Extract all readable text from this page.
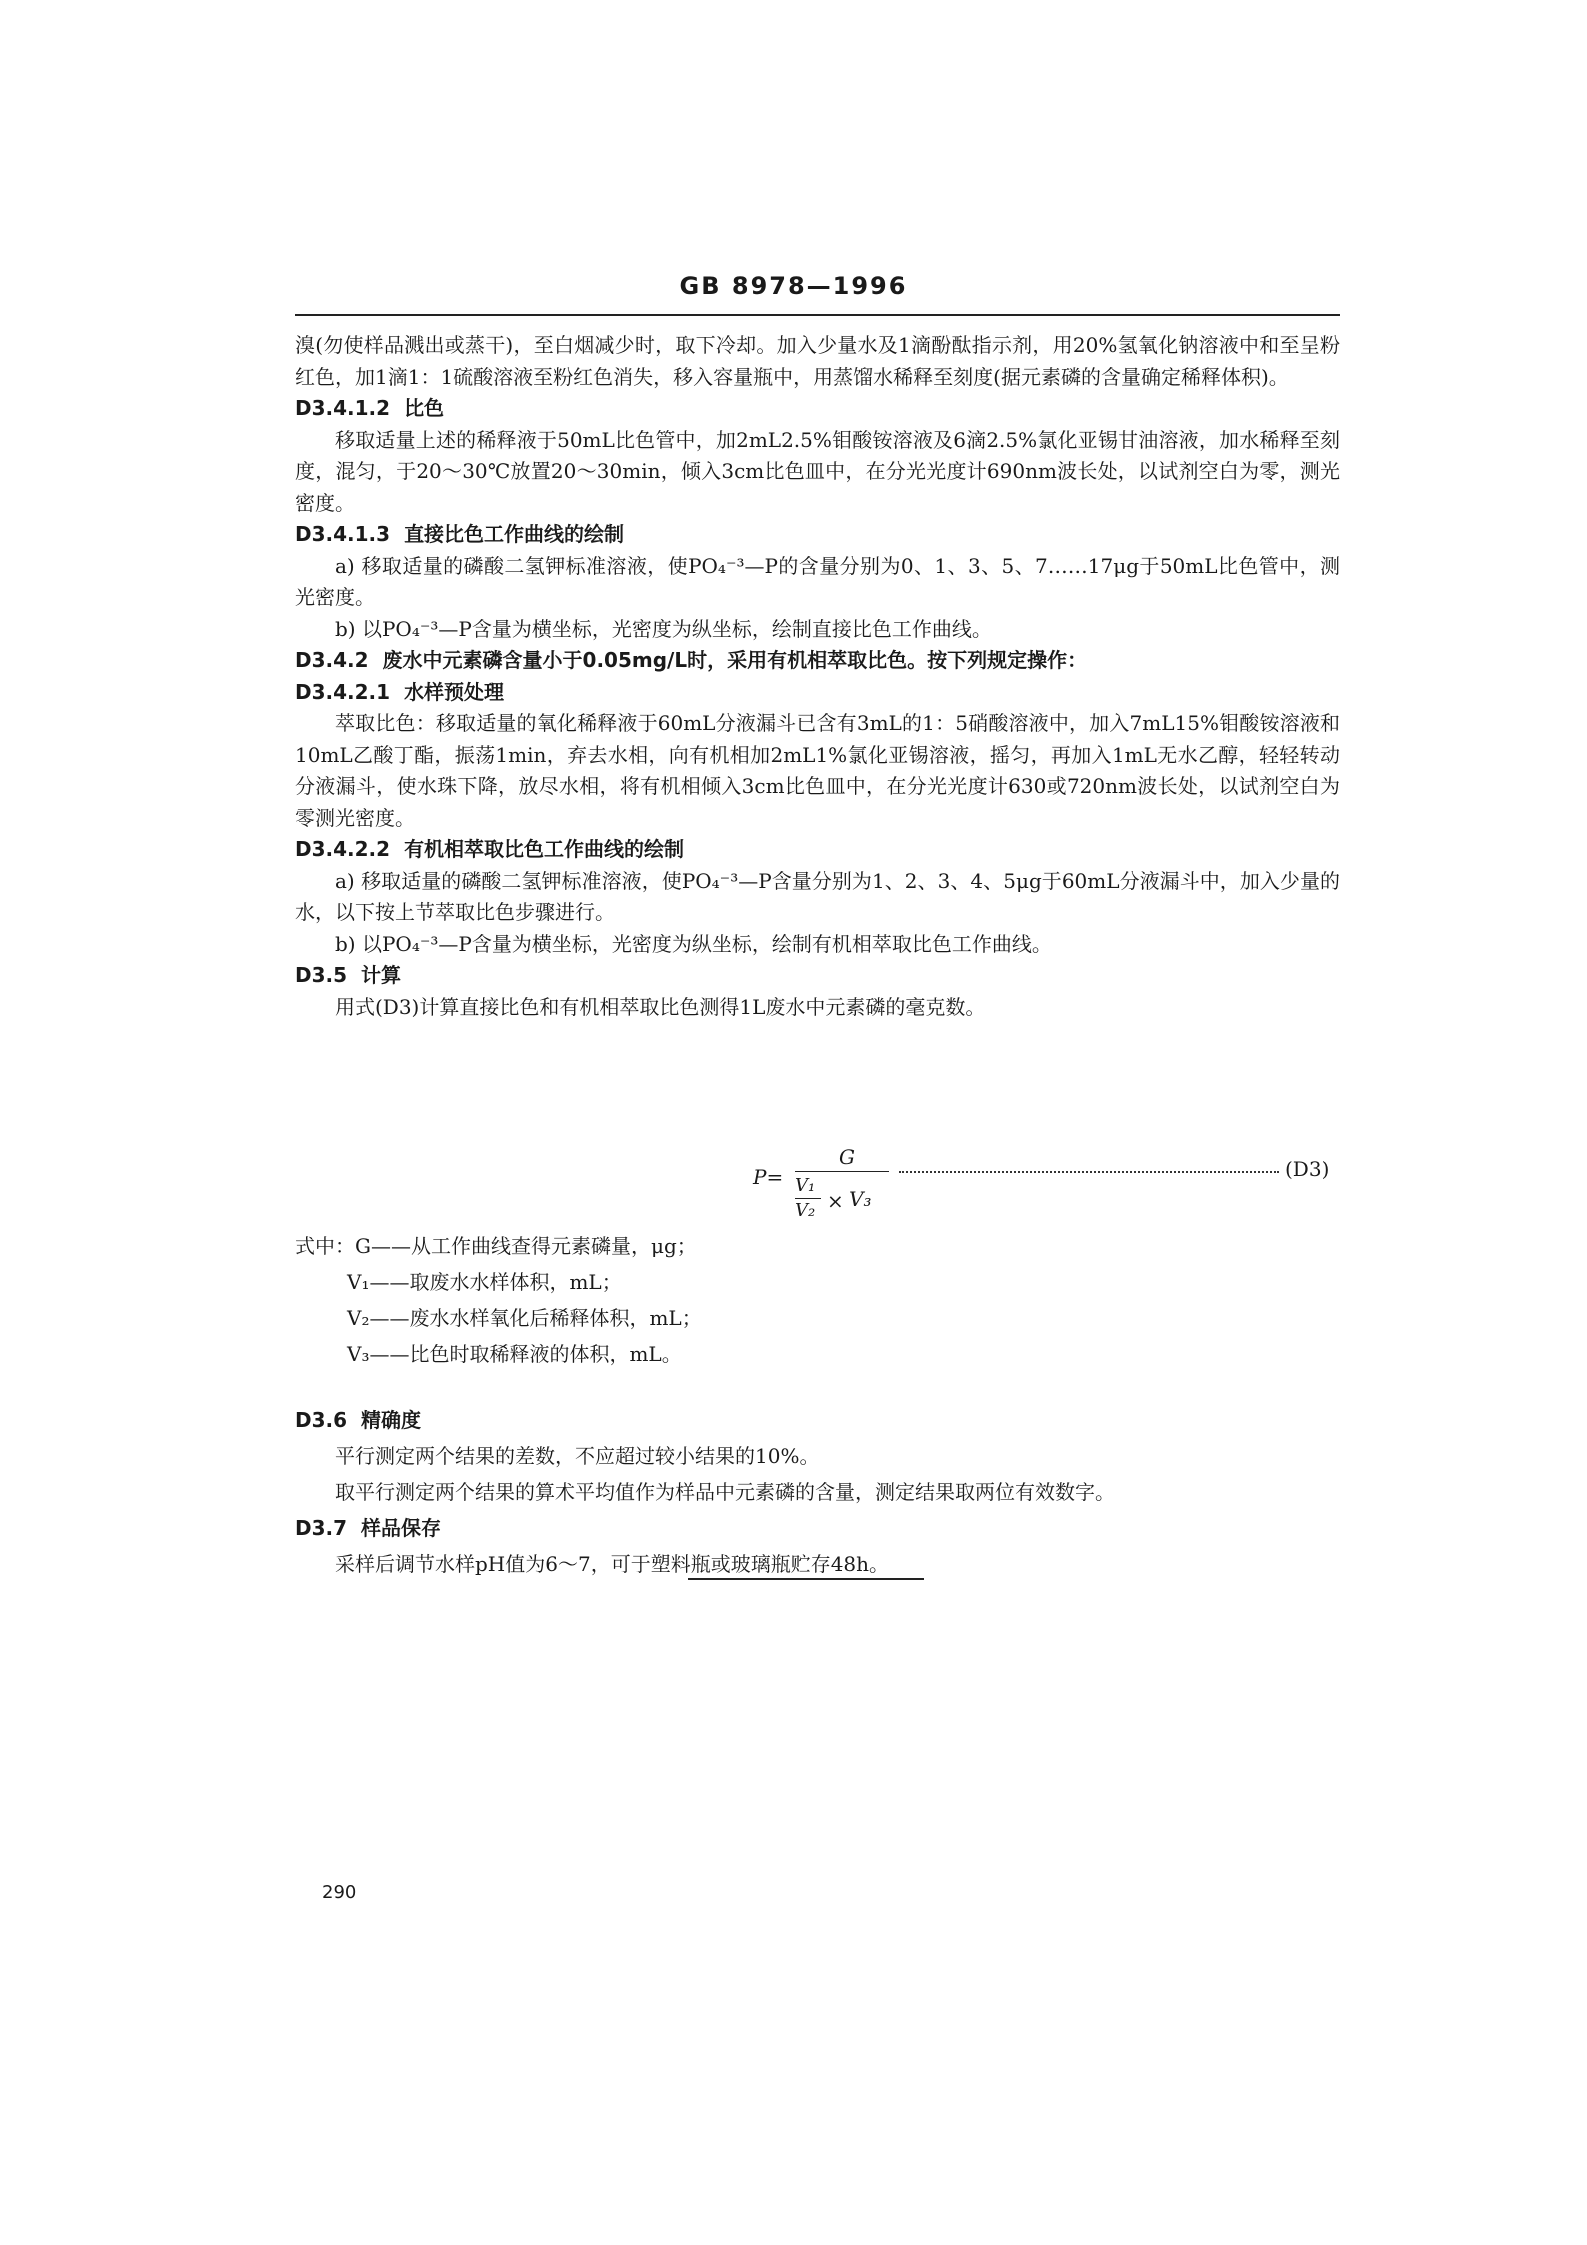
GB 8978—1996

溴(勿使样品溅出或蒸干)，至白烟减少时，取下冷却。加入少量水及1滴酚酞指示剂，用20%氢氧化钠溶液中和至呈粉红色，加1滴1：1硫酸溶液至粉红色消失，移入容量瓶中，用蒸馏水稀释至刻度(据元素磷的含量确定稀释体积)。

D3.4.1.2 比色

移取适量上述的稀释液于50mL比色管中，加2mL2.5%钼酸铵溶液及6滴2.5%氯化亚锡甘油溶液，加水稀释至刻度，混匀，于20～30℃放置20～30min，倾入3cm比色皿中，在分光光度计690nm波长处，以试剂空白为零，测光密度。

D3.4.1.3 直接比色工作曲线的绘制

a) 移取适量的磷酸二氢钾标准溶液，使PO₄⁻³—P的含量分别为0、1、3、5、7……17μg于50mL比色管中，测光密度。

b) 以PO₄⁻³—P含量为横坐标，光密度为纵坐标，绘制直接比色工作曲线。

D3.4.2 废水中元素磷含量小于0.05mg/L时，采用有机相萃取比色。按下列规定操作：

D3.4.2.1 水样预处理

萃取比色：移取适量的氧化稀释液于60mL分液漏斗已含有3mL的1：5硝酸溶液中，加入7mL15%钼酸铵溶液和10mL乙酸丁酯，振荡1min，弃去水相，向有机相加2mL1%氯化亚锡溶液，摇匀，再加入1mL无水乙醇，轻轻转动分液漏斗，使水珠下降，放尽水相，将有机相倾入3cm比色皿中，在分光光度计630或720nm波长处，以试剂空白为零测光密度。

D3.4.2.2 有机相萃取比色工作曲线的绘制

a) 移取适量的磷酸二氢钾标准溶液，使PO₄⁻³—P含量分别为1、2、3、4、5μg于60mL分液漏斗中，加入少量的水，以下按上节萃取比色步骤进行。

b) 以PO₄⁻³—P含量为横坐标，光密度为纵坐标，绘制有机相萃取比色工作曲线。

D3.5 计算

用式(D3)计算直接比色和有机相萃取比色测得1L废水中元素磷的毫克数。

P=
G
V₁
V₂ × V₃
(D3)

式中：G——从工作曲线查得元素磷量，μg；

V₁——取废水水样体积，mL；

V₂——废水水样氧化后稀释体积，mL；

V₃——比色时取稀释液的体积，mL。

D3.6 精确度

平行测定两个结果的差数，不应超过较小结果的10%。

取平行测定两个结果的算术平均值作为样品中元素磷的含量，测定结果取两位有效数字。

D3.7 样品保存

采样后调节水样pH值为6～7，可于塑料瓶或玻璃瓶贮存48h。

290
